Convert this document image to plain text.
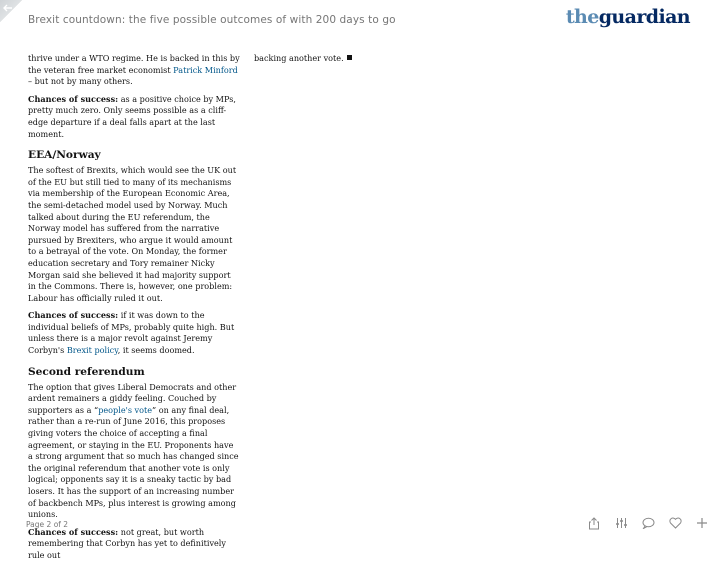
Brexit countdown: the five possible outcomes of with 200 days to go	theguardian

thrive under a WTO regime. He is backed in this by the veteran free market economist Patrick Minford – but not by many others.

Chances of success: as a positive choice by MPs, pretty much zero. Only seems possible as a cliff-edge departure if a deal falls apart at the last moment.

EEA/Norway

The softest of Brexits, which would see the UK out of the EU but still tied to many of its mechanisms via membership of the European Economic Area, the semi-detached model used by Norway. Much talked about during the EU referendum, the Norway model has suffered from the narrative pursued by Brexiters, who argue it would amount to a betrayal of the vote. On Monday, the former education secretary and Tory remainer Nicky Morgan said she believed it had majority support in the Commons. There is, however, one problem: Labour has officially ruled it out.

Chances of success: if it was down to the individual beliefs of MPs, probably quite high. But unless there is a major revolt against Jeremy Corbyn's Brexit policy, it seems doomed.

Second referendum

The option that gives Liberal Democrats and other ardent remainers a giddy feeling. Couched by supporters as a “people's vote” on any final deal, rather than a re-run of June 2016, this proposes giving voters the choice of accepting a final agreement, or staying in the EU. Proponents have a strong argument that so much has changed since the original referendum that another vote is only logical; opponents say it is a sneaky tactic by bad losers. It has the support of an increasing number of backbench MPs, plus interest is growing among unions.

Chances of success: not great, but worth remembering that Corbyn has yet to definitively rule out

backing another vote.

Page 2 of 2
